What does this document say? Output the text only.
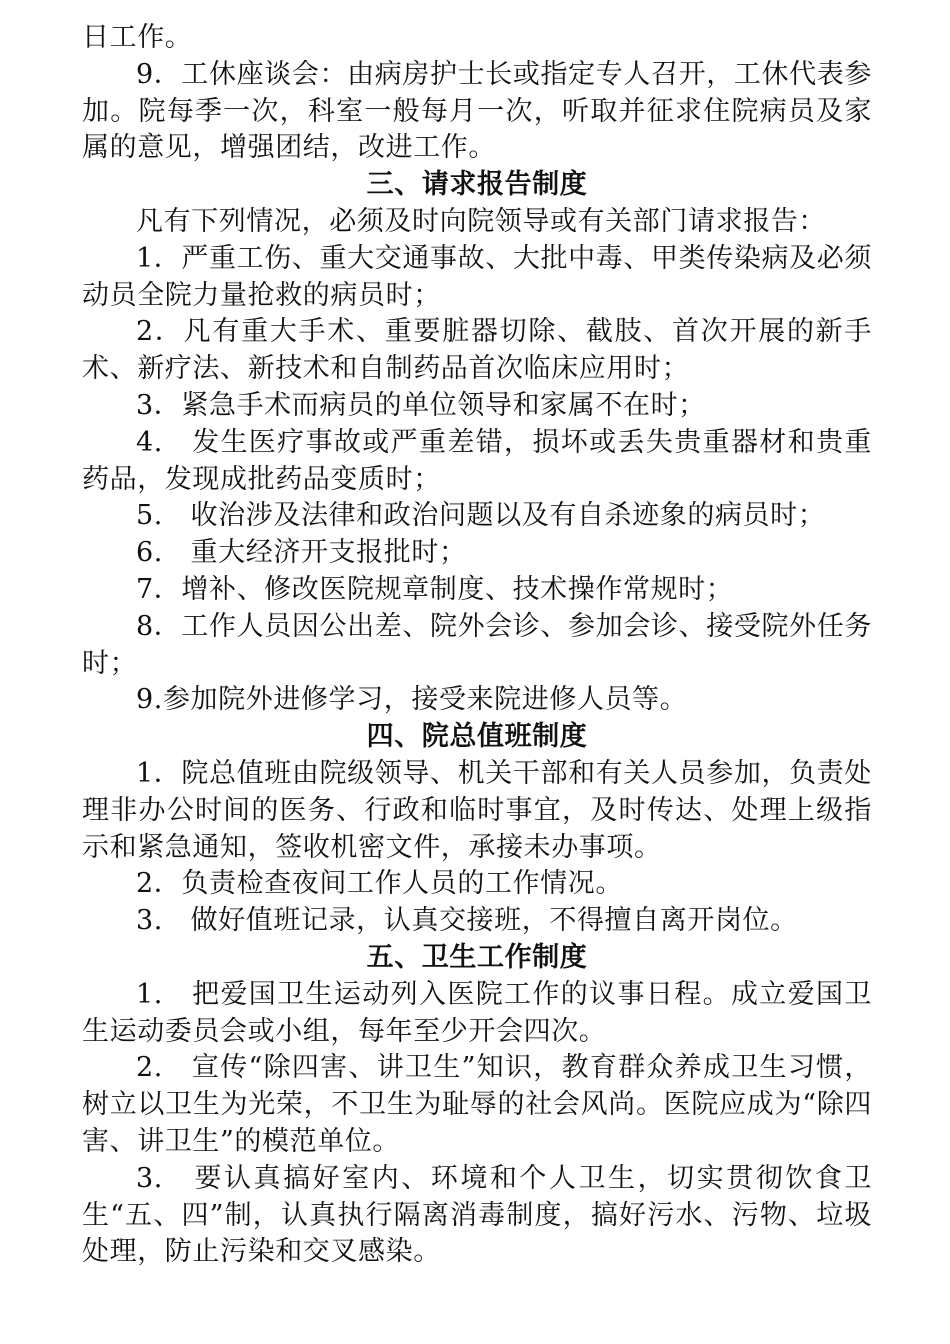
日工作。

9．工休座谈会：由病房护士长或指定专人召开，工休代表参加。院每季一次，科室一般每月一次，听取并征求住院病员及家属的意见，增强团结，改进工作。

三、请求报告制度

凡有下列情况，必须及时向院领导或有关部门请求报告：

1．严重工伤、重大交通事故、大批中毒、甲类传染病及必须动员全院力量抢救的病员时；

2．凡有重大手术、重要脏器切除、截肢、首次开展的新手术、新疗法、新技术和自制药品首次临床应用时；

3．紧急手术而病员的单位领导和家属不在时；

4.　发生医疗事故或严重差错，损坏或丢失贵重器材和贵重药品，发现成批药品变质时；

5.　收治涉及法律和政治问题以及有自杀迹象的病员时；

6.　重大经济开支报批时；

7．增补、修改医院规章制度、技术操作常规时；

8．工作人员因公出差、院外会诊、参加会诊、接受院外任务时；

9.参加院外进修学习，接受来院进修人员等。

四、院总值班制度

1．院总值班由院级领导、机关干部和有关人员参加，负责处理非办公时间的医务、行政和临时事宜，及时传达、处理上级指示和紧急通知，签收机密文件，承接未办事项。

2．负责检查夜间工作人员的工作情况。

3.　做好值班记录，认真交接班，不得擅自离开岗位。

五、卫生工作制度

1.　把爱国卫生运动列入医院工作的议事日程。成立爱国卫生运动委员会或小组，每年至少开会四次。

2.　宣传“除四害、讲卫生”知识，教育群众养成卫生习惯，树立以卫生为光荣，不卫生为耻辱的社会风尚。医院应成为“除四害、讲卫生”的模范单位。

3.　要认真搞好室内、环境和个人卫生，切实贯彻饮食卫生“五、四”制，认真执行隔离消毒制度，搞好污水、污物、垃圾处理，防止污染和交叉感染。
